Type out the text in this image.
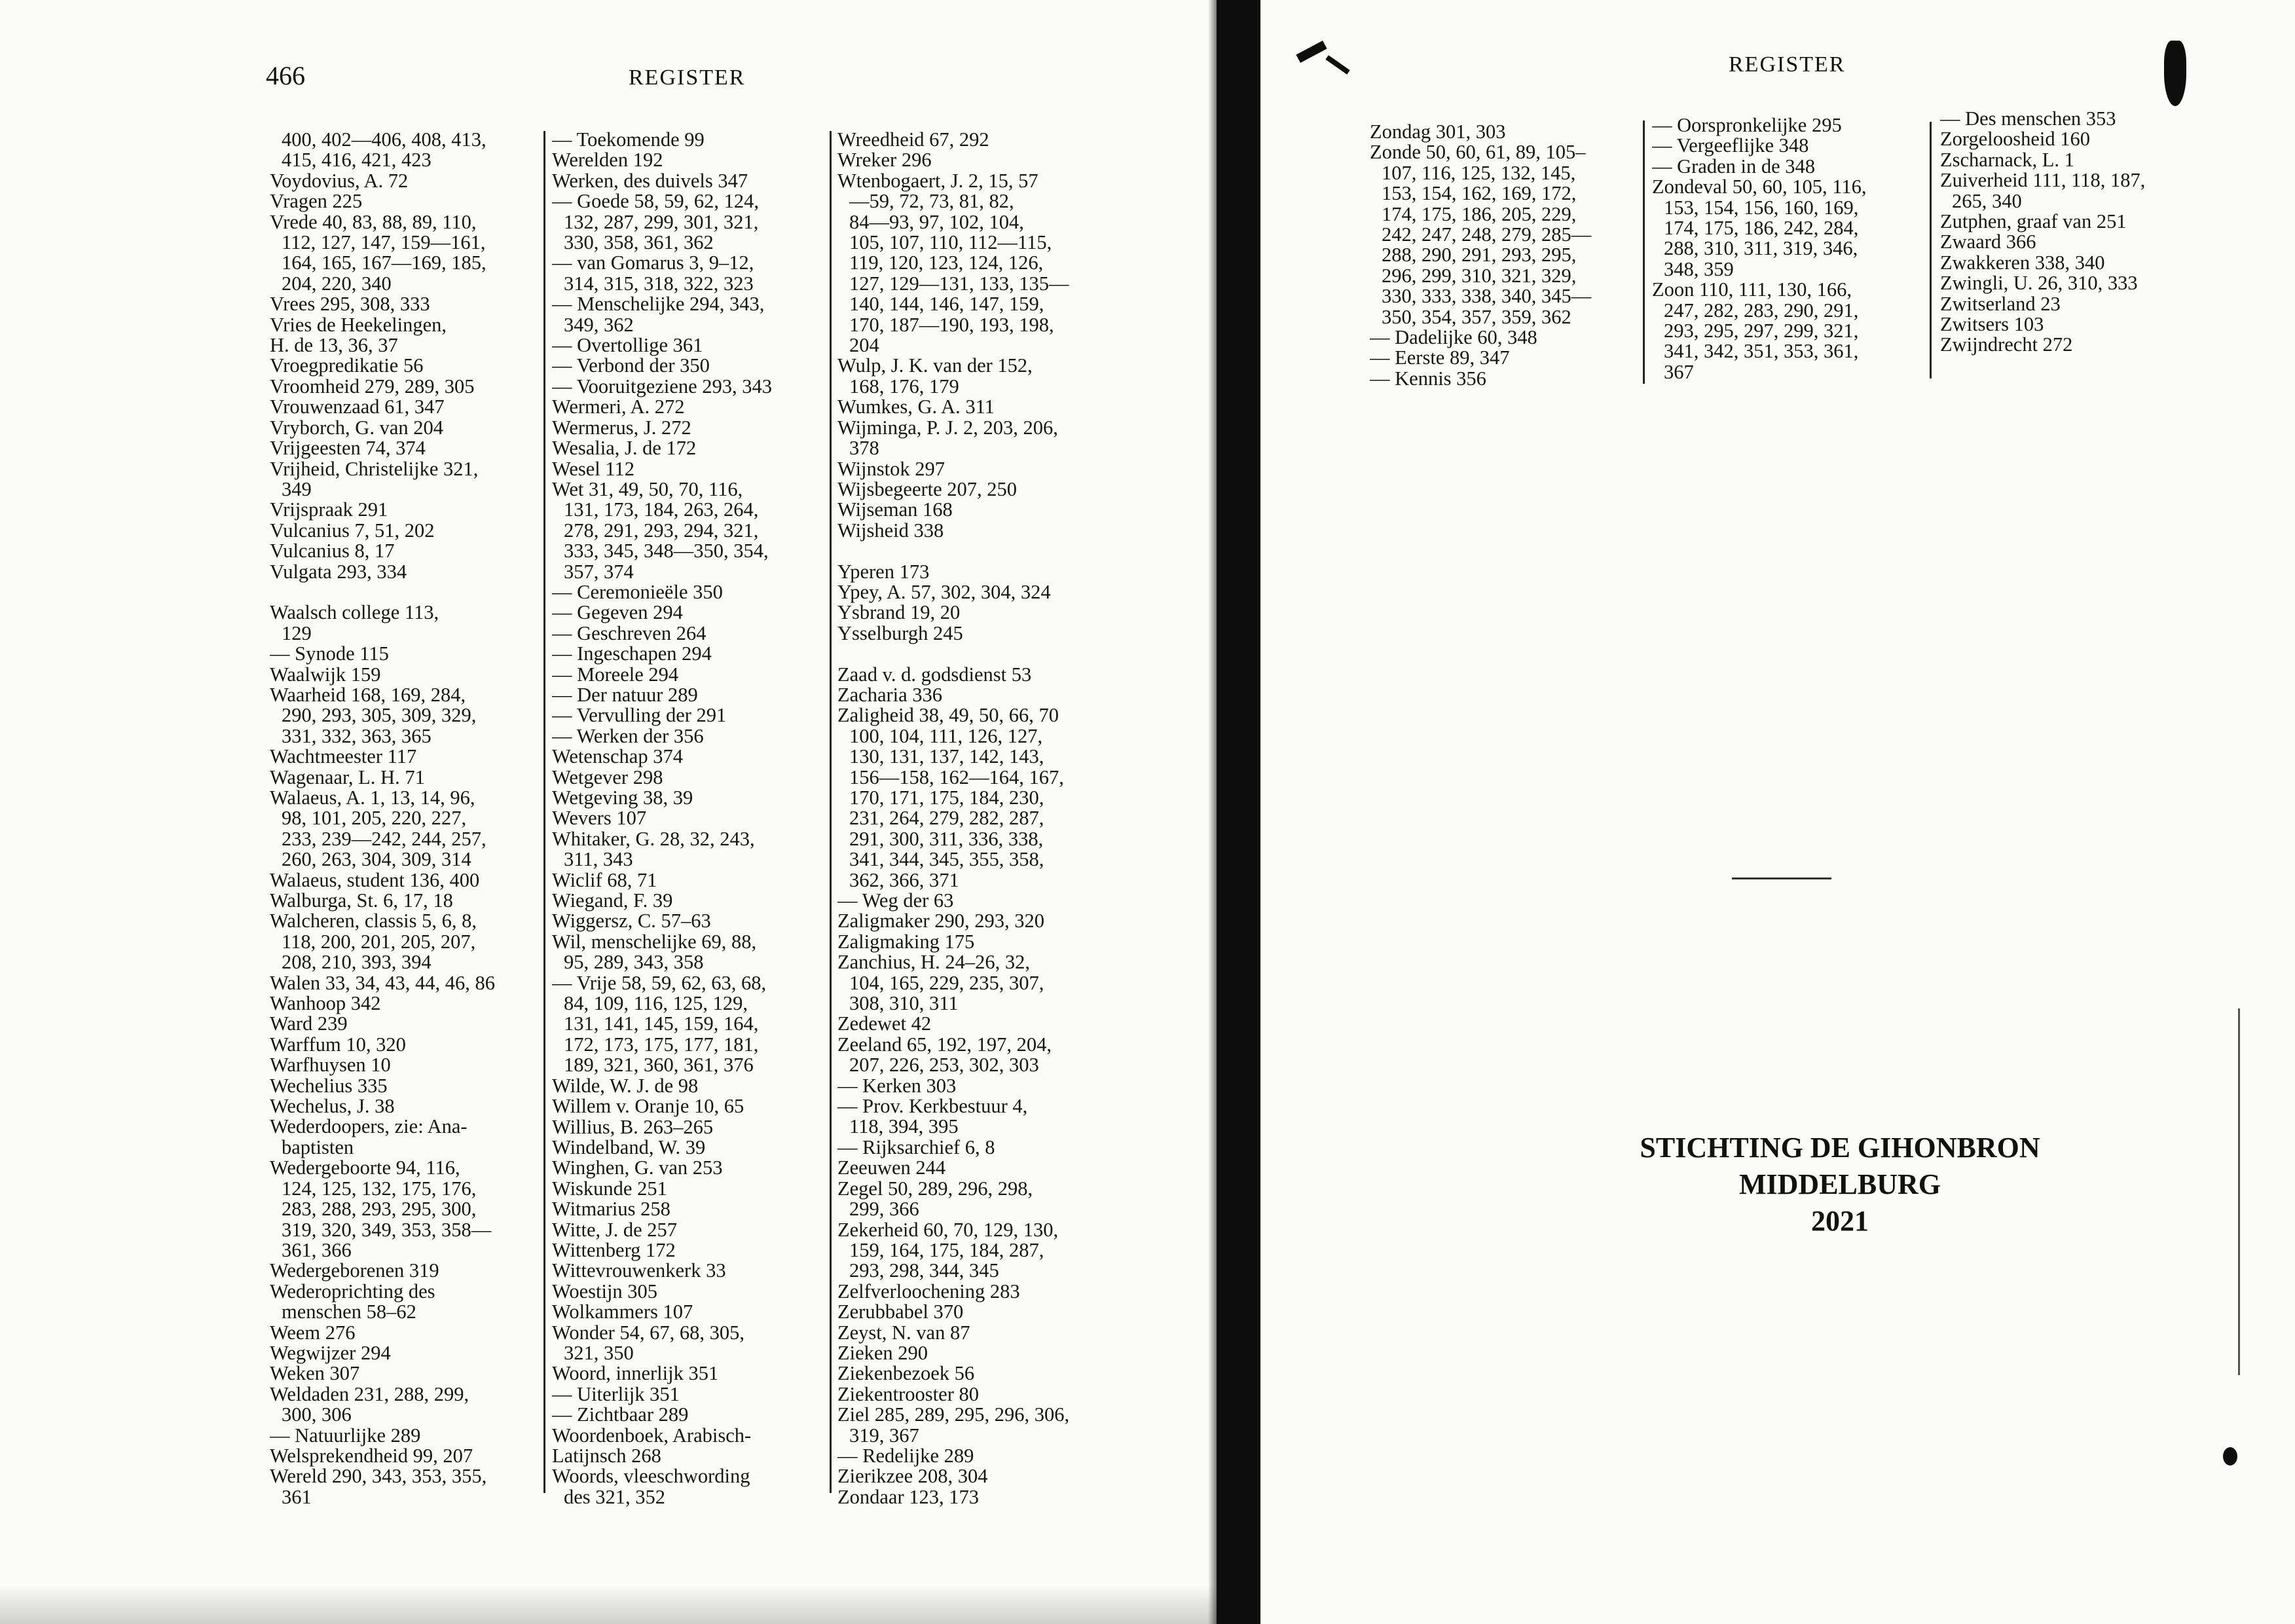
466	REGISTER
400, 402—406, 408, 413,
415, 416, 421, 423
Voydovius, A. 72
Vragen 225
Vrede 40, 83, 88, 89, 110,
112, 127, 147, 159—161,
164, 165, 167—169, 185,
204, 220, 340
Vrees 295, 308, 333
Vries de Heekelingen,
H. de 13, 36, 37
Vroegpredikatie 56
Vroomheid 279, 289, 305
Vrouwenzaad 61, 347
Vryborch, G. van 204
Vrijgeesten 74, 374
Vrijheid, Christelijke 321,
349
Vrijspraak 291
Vulcanius 7, 51, 202
Vulcanius 8, 17
Vulgata 293, 334
Waalsch college 113,
129
— Synode 115
Waalwijk 159
Waarheid 168, 169, 284,
290, 293, 305, 309, 329,
331, 332, 363, 365
Wachtmeester 117
Wagenaar, L. H. 71
Walaeus, A. 1, 13, 14, 96,
98, 101, 205, 220, 227,
233, 239—242, 244, 257,
260, 263, 304, 309, 314
Walaeus, student 136, 400
Walburga, St. 6, 17, 18
Walcheren, classis 5, 6, 8,
118, 200, 201, 205, 207,
208, 210, 393, 394
Walen 33, 34, 43, 44, 46, 86
Wanhoop 342
Ward 239
Warffum 10, 320
Warfhuysen 10
Wechelius 335
Wechelus, J. 38
Wederdoopers, zie: Ana-
baptisten
Wedergeboorte 94, 116,
124, 125, 132, 175, 176,
283, 288, 293, 295, 300,
319, 320, 349, 353, 358—
361, 366
Wedergeborenen 319
Wederoprichting des
menschen 58–62
Weem 276
Wegwijzer 294
Weken 307
Weldaden 231, 288, 299,
300, 306
— Natuurlijke 289
Welsprekendheid 99, 207
Wereld 290, 343, 353, 355,
361
— Toekomende 99
Werelden 192
Werken, des duivels 347
— Goede 58, 59, 62, 124,
132, 287, 299, 301, 321,
330, 358, 361, 362
— van Gomarus 3, 9–12,
314, 315, 318, 322, 323
— Menschelijke 294, 343,
349, 362
— Overtollige 361
— Verbond der 350
— Vooruitgeziene 293, 343
Wermeri, A. 272
Wermerus, J. 272
Wesalia, J. de 172
Wesel 112
Wet 31, 49, 50, 70, 116,
131, 173, 184, 263, 264,
278, 291, 293, 294, 321,
333, 345, 348—350, 354,
357, 374
— Ceremonieële 350
— Gegeven 294
— Geschreven 264
— Ingeschapen 294
— Moreele 294
— Der natuur 289
— Vervulling der 291
— Werken der 356
Wetenschap 374
Wetgever 298
Wetgeving 38, 39
Wevers 107
Whitaker, G. 28, 32, 243,
311, 343
Wiclif 68, 71
Wiegand, F. 39
Wiggersz, C. 57–63
Wil, menschelijke 69, 88,
95, 289, 343, 358
— Vrije 58, 59, 62, 63, 68,
84, 109, 116, 125, 129,
131, 141, 145, 159, 164,
172, 173, 175, 177, 181,
189, 321, 360, 361, 376
Wilde, W. J. de 98
Willem v. Oranje 10, 65
Willius, B. 263–265
Windelband, W. 39
Winghen, G. van 253
Wiskunde 251
Witmarius 258
Witte, J. de 257
Wittenberg 172
Wittevrouwenkerk 33
Woestijn 305
Wolkammers 107
Wonder 54, 67, 68, 305,
321, 350
Woord, innerlijk 351
— Uiterlijk 351
— Zichtbaar 289
Woordenboek, Arabisch-
Latijnsch 268
Woords, vleeschwording
des 321, 352
Wreedheid 67, 292
Wreker 296
Wtenbogaert, J. 2, 15, 57
—59, 72, 73, 81, 82,
84—93, 97, 102, 104,
105, 107, 110, 112—115,
119, 120, 123, 124, 126,
127, 129—131, 133, 135—
140, 144, 146, 147, 159,
170, 187—190, 193, 198,
204
Wulp, J. K. van der 152,
168, 176, 179
Wumkes, G. A. 311
Wijminga, P. J. 2, 203, 206,
378
Wijnstok 297
Wijsbegeerte 207, 250
Wijseman 168
Wijsheid 338
Yperen 173
Ypey, A. 57, 302, 304, 324
Ysbrand 19, 20
Ysselburgh 245
Zaad v. d. godsdienst 53
Zacharia 336
Zaligheid 38, 49, 50, 66, 70
100, 104, 111, 126, 127,
130, 131, 137, 142, 143,
156—158, 162—164, 167,
170, 171, 175, 184, 230,
231, 264, 279, 282, 287,
291, 300, 311, 336, 338,
341, 344, 345, 355, 358,
362, 366, 371
— Weg der 63
Zaligmaker 290, 293, 320
Zaligmaking 175
Zanchius, H. 24–26, 32,
104, 165, 229, 235, 307,
308, 310, 311
Zedewet 42
Zeeland 65, 192, 197, 204,
207, 226, 253, 302, 303
— Kerken 303
— Prov. Kerkbestuur 4,
118, 394, 395
— Rijksarchief 6, 8
Zeeuwen 244
Zegel 50, 289, 296, 298,
299, 366
Zekerheid 60, 70, 129, 130,
159, 164, 175, 184, 287,
293, 298, 344, 345
Zelfverloochening 283
Zerubbabel 370
Zeyst, N. van 87
Zieken 290
Ziekenbezoek 56
Ziekentrooster 80
Ziel 285, 289, 295, 296, 306,
319, 367
— Redelijke 289
Zierikzee 208, 304
Zondaar 123, 173
REGISTER
Zondag 301, 303
Zonde 50, 60, 61, 89, 105–
107, 116, 125, 132, 145,
153, 154, 162, 169, 172,
174, 175, 186, 205, 229,
242, 247, 248, 279, 285—
288, 290, 291, 293, 295,
296, 299, 310, 321, 329,
330, 333, 338, 340, 345—
350, 354, 357, 359, 362
— Dadelijke 60, 348
— Eerste 89, 347
— Kennis 356
— Oorspronkelijke 295
— Vergeeflijke 348
— Graden in de 348
Zondeval 50, 60, 105, 116,
153, 154, 156, 160, 169,
174, 175, 186, 242, 284,
288, 310, 311, 319, 346,
348, 359
Zoon 110, 111, 130, 166,
247, 282, 283, 290, 291,
293, 295, 297, 299, 321,
341, 342, 351, 353, 361,
367
— Des menschen 353
Zorgeloosheid 160
Zscharnack, L. 1
Zuiverheid 111, 118, 187,
265, 340
Zutphen, graaf van 251
Zwaard 366
Zwakkeren 338, 340
Zwingli, U. 26, 310, 333
Zwitserland 23
Zwitsers 103
Zwijndrecht 272
STICHTING DE GIHONBRON
MIDDELBURG
2021
